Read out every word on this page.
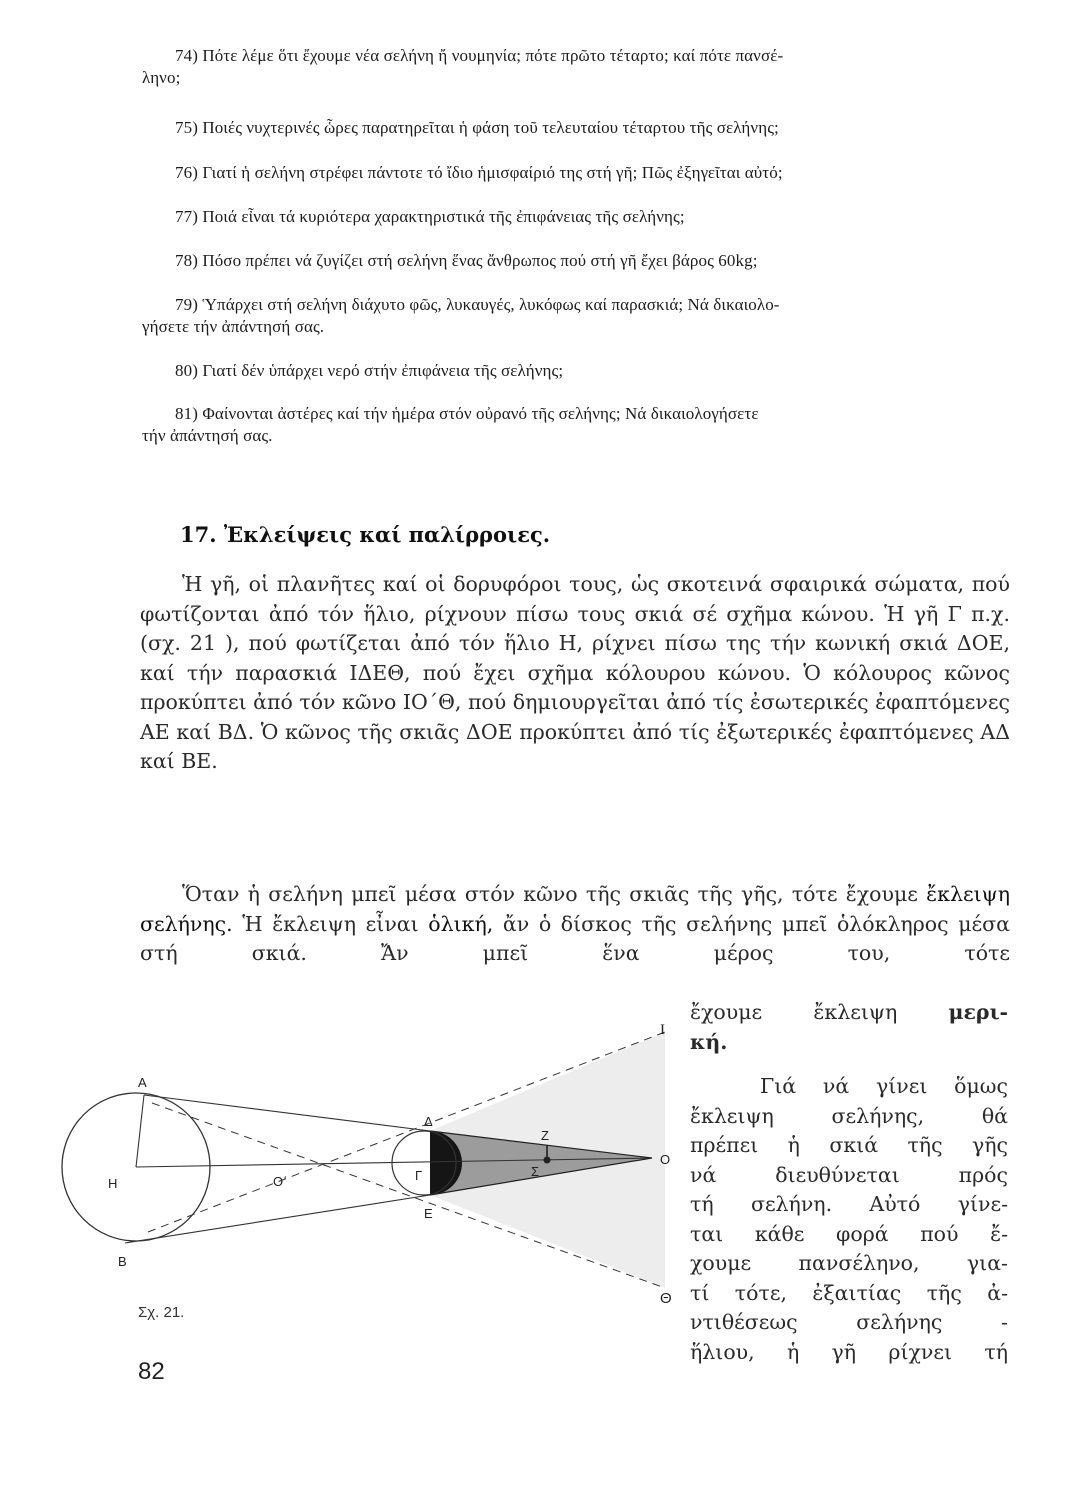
74) Πότε λέμε ὅτι ἔχουμε νέα σελήνη ἤ νουμηνία; πότε πρῶτο τέταρτο; καί πότε πανσέ-
ληνο;
75) Ποιές νυχτερινές ὧρες παρατηρεῖται ἡ φάση τοῦ τελευταίου τέταρτου τῆς σελήνης;
76) Γιατί ἡ σελήνη στρέφει πάντοτε τό ἴδιο ἡμισφαίριό της στή γῆ; Πῶς ἐξηγεῖται αὐτό;
77) Ποιά εἶναι τά κυριότερα χαρακτηριστικά τῆς ἐπιφάνειας τῆς σελήνης;
78) Πόσο πρέπει νά ζυγίζει στή σελήνη ἕνας ἄνθρωπος πού στή γῆ ἔχει βάρος 60kg;
79) Ὑπάρχει στή σελήνη διάχυτο φῶς, λυκαυγές, λυκόφως καί παρασκιά; Νά δικαιολο-
γήσετε τήν ἀπάντησή σας.
80) Γιατί δέν ὑπάρχει νερό στήν ἐπιφάνεια τῆς σελήνης;
81) Φαίνονται ἀστέρες καί τήν ἡμέρα στόν οὐρανό τῆς σελήνης; Νά δικαιολογήσετε
τήν ἀπάντησή σας.
17. Ἐκλείψεις καί παλίρροιες.

Ἡ γῆ, οἱ πλανῆτες καί οἱ δορυφόροι τους, ὡς σκοτεινά σφαιρικά σώματα, πού φωτίζονται ἀπό τόν ἥλιο, ρίχνουν πίσω τους σκιά σέ σχῆμα κώνου. Ἡ γῆ Γ π.χ. (σχ. 21 ), πού φωτίζεται ἀπό τόν ἥλιο Η, ρίχνει πίσω της τήν κωνική σκιά ΔΟΕ, καί τήν παρασκιά ΙΔΕΘ, πού ἔχει σχῆμα κόλουρου κώνου. Ὁ κόλουρος κῶνος προκύπτει ἀπό τόν κῶνο ΙΟ΄Θ, πού δημιουργεῖται ἀπό τίς ἐσωτερικές ἐφαπτόμενες ΑΕ καί ΒΔ. Ὁ κῶνος τῆς σκιᾶς ΔΟΕ προκύπτει ἀπό τίς ἐξωτερικές ἐφαπτόμενες ΑΔ καί ΒΕ.

Ὅταν ἡ σελήνη μπεῖ μέσα στόν κῶνο τῆς σκιᾶς τῆς γῆς, τότε ἔχουμε ἔκλειψη σελήνης. Ἡ ἔκλειψη εἶναι ὁλική, ἄν ὁ δίσκος τῆς σελήνης μπεῖ ὁλόκληρος μέσα στή σκιά. Ἄν μπεῖ ἕνα μέρος του, τότε

ἔχουμε ἔκλειψη μερι-
κή.
Γιά νά γίνει ὅμως
ἔκλειψη σελήνης, θά
πρέπει ἡ σκιά τῆς γῆς
νά διευθύνεται πρός
τή σελήνη. Αὐτό γίνε-
ται κάθε φορά πού ἔ-
χουμε πανσέληνο, για-
τί τότε, ἐξαιτίας τῆς ἀ-
ντιθέσεως σελήνης -
ἥλιου, ἡ γῆ ρίχνει τή
A
B
H	O΄	Γ
Δ
E
Z
Σ
O
I
Θ
Σχ. 21.
82
